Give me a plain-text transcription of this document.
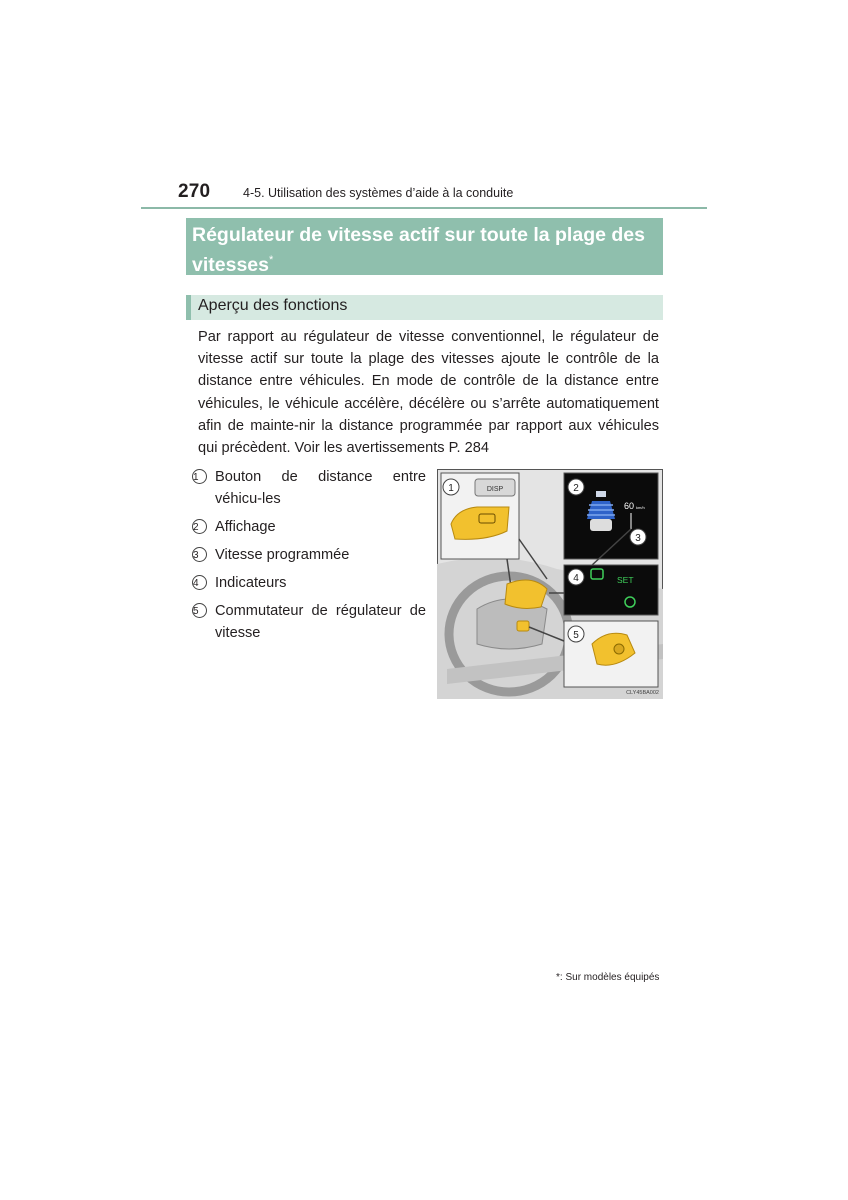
270	4-5. Utilisation des systèmes d’aide à la conduite
Régulateur de vitesse actif sur toute la plage des vitesses*
Aperçu des fonctions
Par rapport au régulateur de vitesse conventionnel, le régulateur de vitesse actif sur toute la plage des vitesses ajoute le contrôle de la distance entre véhicules. En mode de contrôle de la distance entre véhicules, le véhicule accélère, décélère ou s’arrête automatiquement afin de mainte-nir la distance programmée par rapport aux véhicules qui précèdent. Voir les avertissements P. 284
1	Bouton de distance entre véhicu-les
2	Affichage
3	Vitesse programmée
4	Indicateurs
5	Commutateur de régulateur de vitesse
DISP
60 km/h
SET
1	2
3
4
5
CLY45BA002
*: Sur modèles équipés
